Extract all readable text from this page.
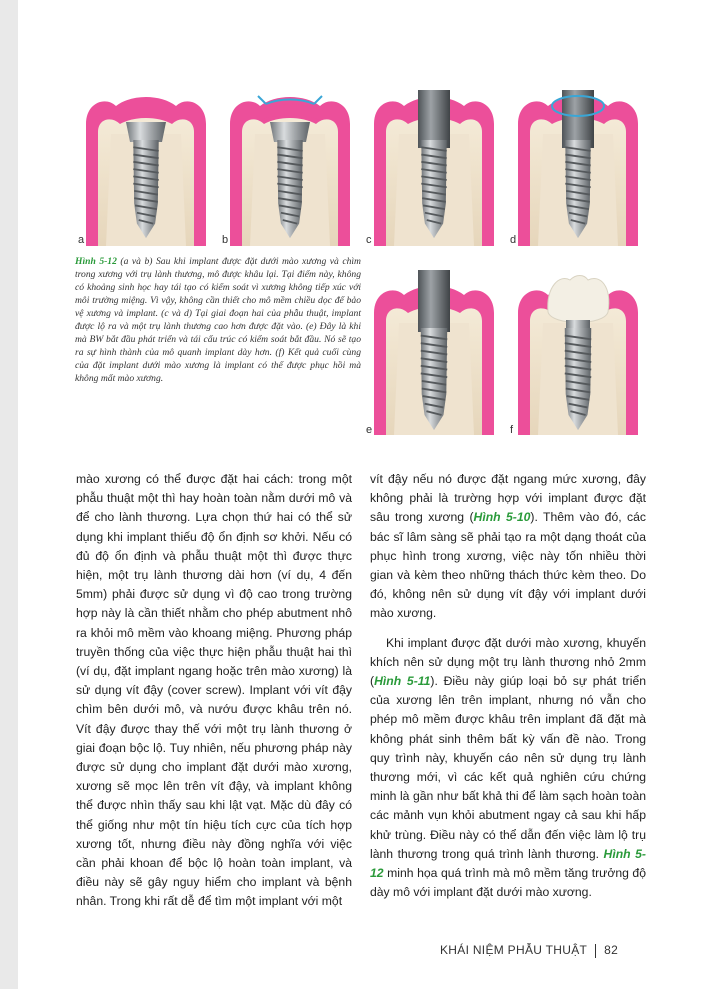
a	b	c	d
e	f
Hình 5-12 (a và b) Sau khi implant được đặt dưới mào xương và chìm trong xương với trụ lành thương, mô được khâu lại. Tại điểm này, không có khoảng sinh học hay tái tạo có kiểm soát vì xương không tiếp xúc với môi trường miệng. Vì vậy, không cần thiết cho mô mềm chiều dọc để bảo vệ xương và implant. (c và d) Tại giai đoạn hai của phẫu thuật, implant được lộ ra và một trụ lành thương cao hơn được đặt vào. (e) Đây là khi mà BW bắt đầu phát triển và tái cấu trúc có kiểm soát bắt đầu. Nó sẽ tạo ra sự hình thành của mô quanh implant dày hơn. (f) Kết quả cuối cùng của đặt implant dưới mào xương là implant có thể được phục hồi mà không mất mào xương.

mào xương có thể được đặt hai cách: trong một phẫu thuật một thì hay hoàn toàn nằm dưới mô và để cho lành thương. Lựa chọn thứ hai có thể sử dụng khi implant thiếu độ ổn định sơ khởi. Nếu có đủ độ ổn định và phẫu thuật một thì được thực hiện, một trụ lành thương dài hơn (ví dụ, 4 đến 5mm) phải được sử dụng vì độ cao trong trường hợp này là cần thiết nhằm cho phép abutment nhô ra khỏi mô mềm vào khoang miệng. Phương pháp truyền thống của việc thực hiện phẫu thuật hai thì (ví dụ, đặt implant ngang hoặc trên mào xương) là sử dụng vít đậy (cover screw). Implant với vít đậy chìm bên dưới mô, và nướu được khâu trên nó. Vít đậy được thay thế với một trụ lành thương ở giai đoạn bộc lộ. Tuy nhiên, nếu phương pháp này được sử dụng cho implant đặt dưới mào xương, xương sẽ mọc lên trên vít đậy, và implant không thể được nhìn thấy sau khi lật vạt. Mặc dù đây có thể giống như một tín hiệu tích cực của tích hợp xương tốt, nhưng điều này đồng nghĩa với việc cần phải khoan để bộc lộ hoàn toàn implant, và điều này sẽ gây nguy hiểm cho implant và bệnh nhân. Trong khi rất dễ để tìm một implant với một

vít đậy nếu nó được đặt ngang mức xương, đây không phải là trường hợp với implant được đặt sâu trong xương (Hình 5-10). Thêm vào đó, các bác sĩ lâm sàng sẽ phải tạo ra một dạng thoát của phục hình trong xương, việc này tốn nhiều thời gian và kèm theo những thách thức kèm theo. Do đó, không nên sử dụng vít đậy với implant dưới mào xương.

Khi implant được đặt dưới mào xương, khuyến khích nên sử dụng một trụ lành thương nhỏ 2mm (Hình 5-11). Điều này giúp loại bỏ sự phát triển của xương lên trên implant, nhưng nó vẫn cho phép mô mềm được khâu trên implant đã đặt mà không phát sinh thêm bất kỳ vấn đề nào. Trong quy trình này, khuyến cáo nên sử dụng trụ lành thương mới, vì các kết quả nghiên cứu chứng minh là gần như bất khả thi để làm sạch hoàn toàn các mảnh vụn khỏi abutment ngay cả sau khi hấp khử trùng. Điều này có thể dẫn đến việc làm lộ trụ lành thương trong quá trình lành thương. Hình 5-12 minh họa quá trình mà mô mềm tăng trưởng độ dày mô với implant đặt dưới mào xương.

KHÁI NIỆM PHẪU THUẬT 82
